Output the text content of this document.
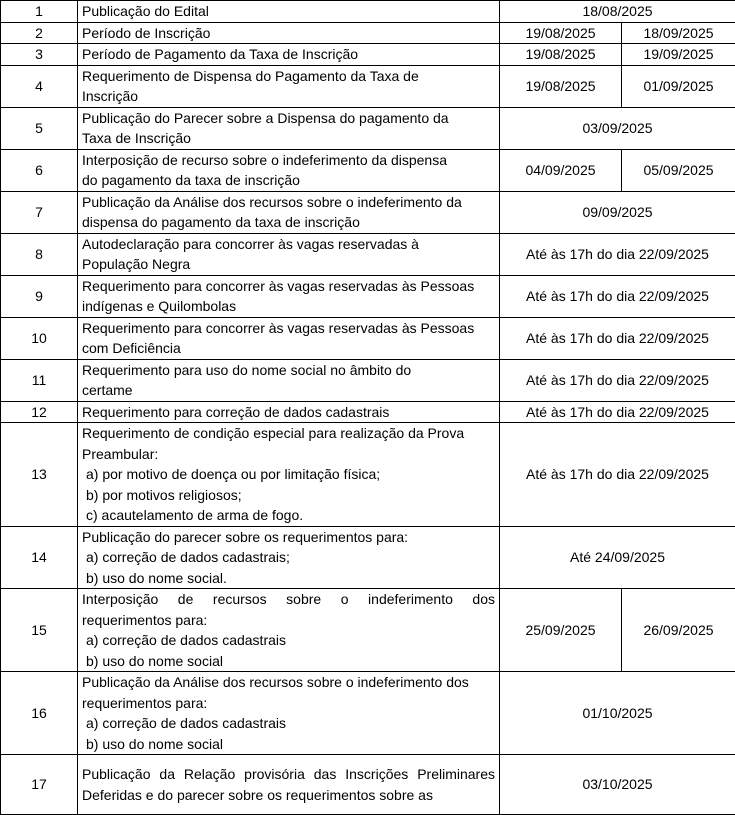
1	Publicação do Edital	18/08/2025	
2	Período de Inscrição	19/08/2025	18/09/2025
3	Período de Pagamento da Taxa de Inscrição	19/08/2025	19/09/2025
4	Requerimento de Dispensa do Pagamento da Taxa de
Inscrição	19/08/2025	01/09/2025
5	Publicação do Parecer sobre a Dispensa do pagamento da
Taxa de Inscrição	03/09/2025	
6	Interposição de recurso sobre o indeferimento da dispensa
do pagamento da taxa de inscrição	04/09/2025	05/09/2025
7	Publicação da Análise dos recursos sobre o indeferimento da
dispensa do pagamento da taxa de inscrição	09/09/2025	
8	Autodeclaração para concorrer às vagas reservadas à
População Negra	Até às 17h do dia 22/09/2025	
9	Requerimento para concorrer às vagas reservadas às Pessoas
indígenas e Quilombolas	Até às 17h do dia 22/09/2025	
10	Requerimento para concorrer às vagas reservadas às Pessoas
com Deficiência	Até às 17h do dia 22/09/2025	
11	Requerimento para uso do nome social no âmbito do
certame	Até às 17h do dia 22/09/2025	
12	Requerimento para correção de dados cadastrais	Até às 17h do dia 22/09/2025	
13	Requerimento de condição especial para realização da Prova
Preambular:
a) por motivo de doença ou por limitação física;
b) por motivos religiosos;
c) acautelamento de arma de fogo.	Até às 17h do dia 22/09/2025	
14	Publicação do parecer sobre os requerimentos para:
a) correção de dados cadastrais;
b) uso do nome social.	Até 24/09/2025	
15	Interposição de recursos sobre o indeferimento dos
requerimentos para:
a) correção de dados cadastrais
b) uso do nome social	25/09/2025	26/09/2025
16	Publicação da Análise dos recursos sobre o indeferimento dos
requerimentos para:
a) correção de dados cadastrais
b) uso do nome social	01/10/2025	
17	Publicação da Relação provisória das Inscrições Preliminares
Deferidas e do parecer sobre os requerimentos sobre as	03/10/2025	
